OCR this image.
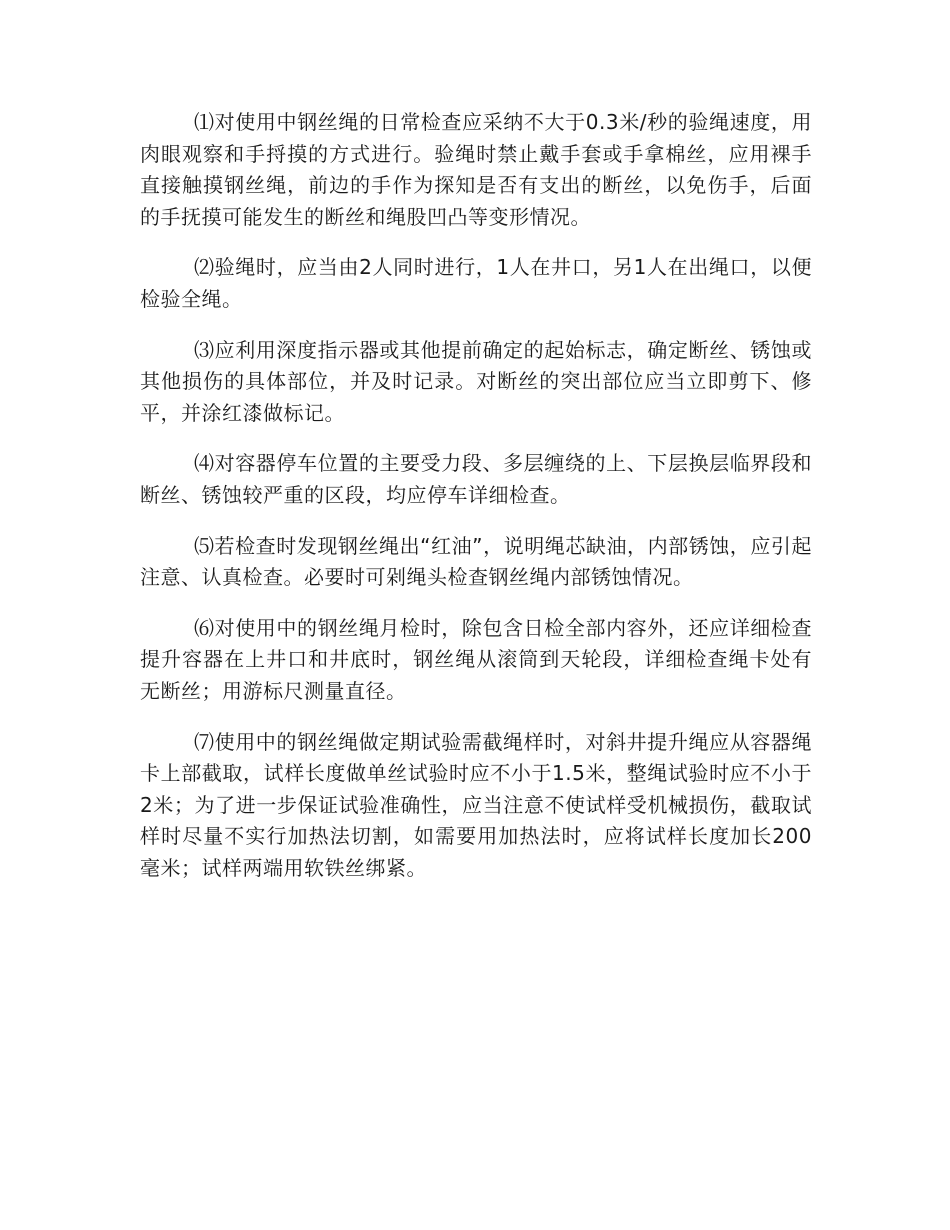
⑴对使用中钢丝绳的日常检查应采纳不大于0.3米/秒的验绳速度，用肉眼观察和手捋摸的方式进行。验绳时禁止戴手套或手拿棉丝，应用裸手直接触摸钢丝绳，前边的手作为探知是否有支出的断丝，以免伤手，后面的手抚摸可能发生的断丝和绳股凹凸等变形情况。

⑵验绳时，应当由2人同时进行，1人在井口，另1人在出绳口，以便检验全绳。

⑶应利用深度指示器或其他提前确定的起始标志，确定断丝、锈蚀或其他损伤的具体部位，并及时记录。对断丝的突出部位应当立即剪下、修平，并涂红漆做标记。

⑷对容器停车位置的主要受力段、多层缠绕的上、下层换层临界段和断丝、锈蚀较严重的区段，均应停车详细检查。

⑸若检查时发现钢丝绳出“红油”，说明绳芯缺油，内部锈蚀，应引起注意、认真检查。必要时可剁绳头检查钢丝绳内部锈蚀情况。

⑹对使用中的钢丝绳月检时，除包含日检全部内容外，还应详细检查提升容器在上井口和井底时，钢丝绳从滚筒到天轮段，详细检查绳卡处有无断丝；用游标尺测量直径。

⑺使用中的钢丝绳做定期试验需截绳样时，对斜井提升绳应从容器绳卡上部截取，试样长度做单丝试验时应不小于1.5米，整绳试验时应不小于2米；为了进一步保证试验准确性，应当注意不使试样受机械损伤，截取试样时尽量不实行加热法切割，如需要用加热法时，应将试样长度加长200毫米；试样两端用软铁丝绑紧。
